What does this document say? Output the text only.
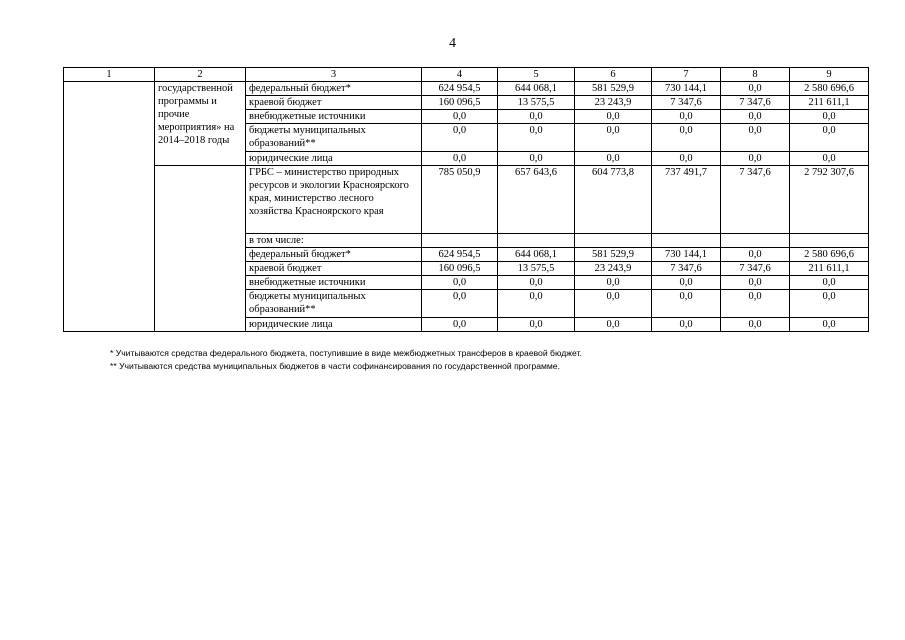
4
1	2	3	4	5	6	7	8	9
	государственной программы и прочие мероприятия» на 2014–2018 годы	федеральный бюджет*	624 954,5	644 068,1	581 529,9	730 144,1	0,0	2 580 696,6
		краевой бюджет	160 096,5	13 575,5	23 243,9	7 347,6	7 347,6	211 611,1
		внебюджетные источники	0,0	0,0	0,0	0,0	0,0	0,0
		бюджеты муниципальных образований**	0,0	0,0	0,0	0,0	0,0	0,0
		юридические лица	0,0	0,0	0,0	0,0	0,0	0,0
		ГРБС – министерство природных ресурсов и экологии Красноярского края, министерство лесного хозяйства Красноярского края	785 050,9	657 643,6	604 773,8	737 491,7	7 347,6	2 792 307,6
		в том числе:						
		федеральный бюджет*	624 954,5	644 068,1	581 529,9	730 144,1	0,0	2 580 696,6
		краевой бюджет	160 096,5	13 575,5	23 243,9	7 347,6	7 347,6	211 611,1
		внебюджетные источники	0,0	0,0	0,0	0,0	0,0	0,0
		бюджеты муниципальных образований**	0,0	0,0	0,0	0,0	0,0	0,0
		юридические лица	0,0	0,0	0,0	0,0	0,0	0,0
* Учитываются средства федерального бюджета, поступившие в виде межбюджетных трансферов в краевой бюджет.
** Учитываются средства муниципальных бюджетов в части софинансирования по государственной программе.
